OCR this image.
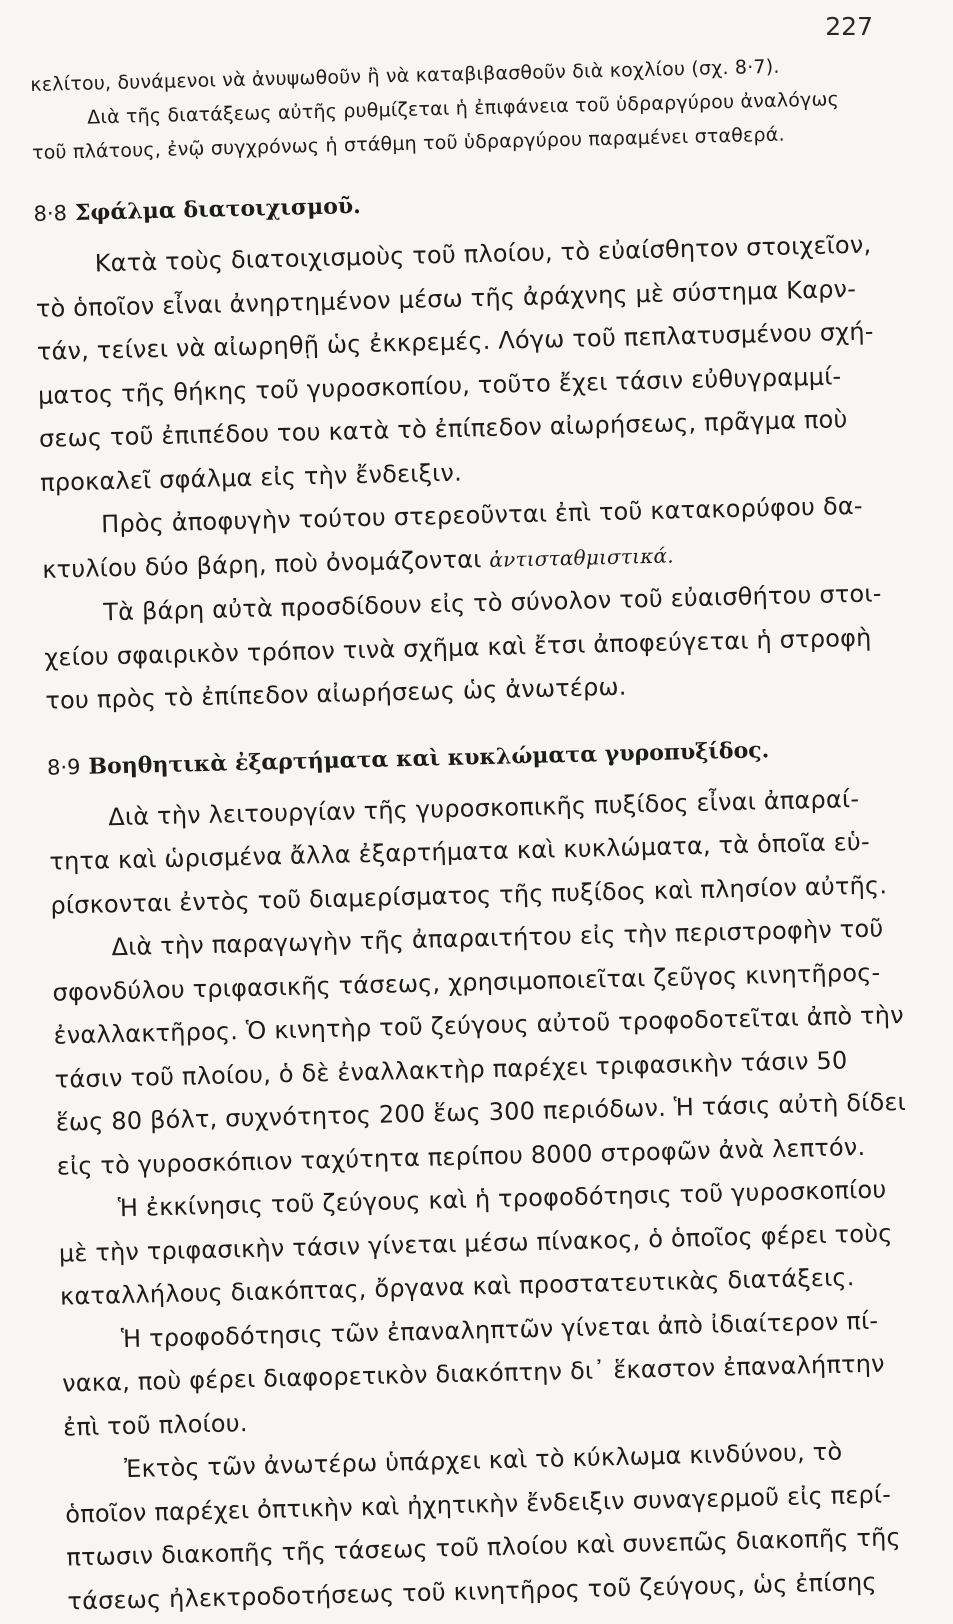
227
κελίτου, δυνάμενοι νὰ ἀνυψωθοῦν ἢ νὰ καταβιβασθοῦν διὰ κοχλίου (σχ. 8·7).
Διὰ τῆς διατάξεως αὐτῆς ρυθμίζεται ἡ ἐπιφάνεια τοῦ ὑδραργύρου ἀναλόγως
τοῦ πλάτους, ἐνῷ συγχρόνως ἡ στάθμη τοῦ ὑδραργύρου παραμένει σταθερά.
8·8 Σφάλμα διατοιχισμοῦ.
Κατὰ τοὺς διατοιχισμοὺς τοῦ πλοίου, τὸ εὐαίσθητον στοιχεῖον,
τὸ ὁποῖον εἶναι ἀνηρτημένον μέσω τῆς ἀράχνης μὲ σύστημα Καρν-
τάν, τείνει νὰ αἰωρηθῇ ὡς ἐκκρεμές. Λόγω τοῦ πεπλατυσμένου σχή-
ματος τῆς θήκης τοῦ γυροσκοπίου, τοῦτο ἔχει τάσιν εὐθυγραμμί-
σεως τοῦ ἐπιπέδου του κατὰ τὸ ἐπίπεδον αἰωρήσεως, πρᾶγμα ποὺ
προκαλεῖ σφάλμα εἰς τὴν ἔνδειξιν.
Πρὸς ἀποφυγὴν τούτου στερεοῦνται ἐπὶ τοῦ κατακορύφου δα-
κτυλίου δύο βάρη, ποὺ ὀνομάζονται ἀντισταθμιστικά.
Τὰ βάρη αὐτὰ προσδίδουν εἰς τὸ σύνολον τοῦ εὐαισθήτου στοι-
χείου σφαιρικὸν τρόπον τινὰ σχῆμα καὶ ἔτσι ἀποφεύγεται ἡ στροφὴ
του πρὸς τὸ ἐπίπεδον αἰωρήσεως ὡς ἀνωτέρω.
8·9 Βοηθητικὰ ἐξαρτήματα καὶ κυκλώματα γυροπυξίδος.
Διὰ τὴν λειτουργίαν τῆς γυροσκοπικῆς πυξίδος εἶναι ἀπαραί-
τητα καὶ ὡρισμένα ἄλλα ἐξαρτήματα καὶ κυκλώματα, τὰ ὁποῖα εὑ-
ρίσκονται ἐντὸς τοῦ διαμερίσματος τῆς πυξίδος καὶ πλησίον αὐτῆς.
Διὰ τὴν παραγωγὴν τῆς ἀπαραιτήτου εἰς τὴν περιστροφὴν τοῦ
σφονδύλου τριφασικῆς τάσεως, χρησιμοποιεῖται ζεῦγος κινητῆρος-
ἐναλλακτῆρος. Ὁ κινητὴρ τοῦ ζεύγους αὐτοῦ τροφοδοτεῖται ἀπὸ τὴν
τάσιν τοῦ πλοίου, ὁ δὲ ἐναλλακτὴρ παρέχει τριφασικὴν τάσιν 50
ἕως 80 βόλτ, συχνότητος 200 ἕως 300 περιόδων. Ἡ τάσις αὐτὴ δίδει
εἰς τὸ γυροσκόπιον ταχύτητα περίπου 8000 στροφῶν ἀνὰ λεπτόν.
Ἡ ἐκκίνησις τοῦ ζεύγους καὶ ἡ τροφοδότησις τοῦ γυροσκοπίου
μὲ τὴν τριφασικὴν τάσιν γίνεται μέσω πίνακος, ὁ ὁποῖος φέρει τοὺς
καταλλήλους διακόπτας, ὄργανα καὶ προστατευτικὰς διατάξεις.
Ἡ τροφοδότησις τῶν ἐπαναληπτῶν γίνεται ἀπὸ ἰδιαίτερον πί-
νακα, ποὺ φέρει διαφορετικὸν διακόπτην δι᾽ ἕκαστον ἐπαναλήπτην
ἐπὶ τοῦ πλοίου.
Ἐκτὸς τῶν ἀνωτέρω ὑπάρχει καὶ τὸ κύκλωμα κινδύνου, τὸ
ὁποῖον παρέχει ὀπτικὴν καὶ ἠχητικὴν ἔνδειξιν συναγερμοῦ εἰς περί-
πτωσιν διακοπῆς τῆς τάσεως τοῦ πλοίου καὶ συνεπῶς διακοπῆς τῆς
τάσεως ἠλεκτροδοτήσεως τοῦ κινητῆρος τοῦ ζεύγους, ὡς ἐπίσης
